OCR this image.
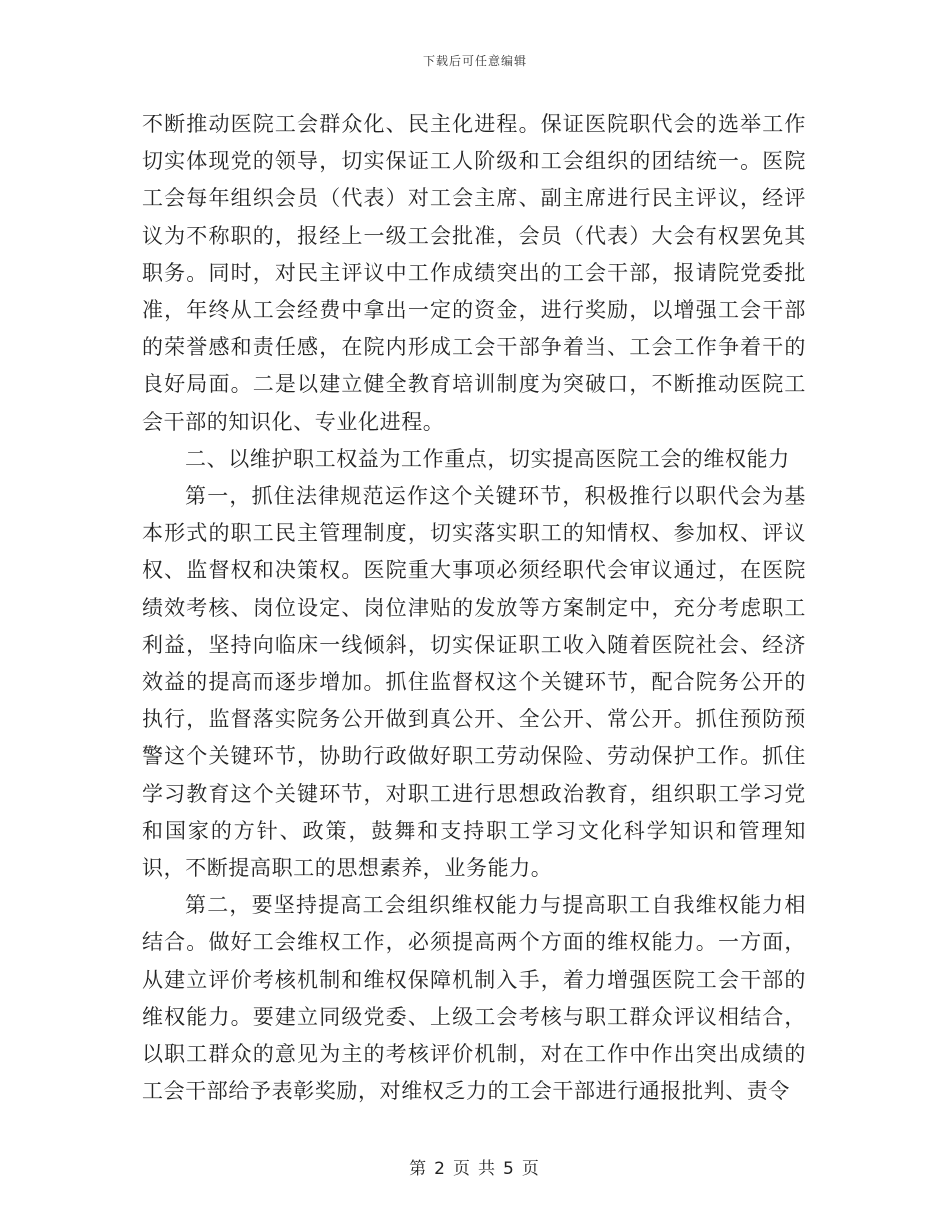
下载后可任意编辑

不断推动医院工会群众化、民主化进程。保证医院职代会的选举工作切实体现党的领导，切实保证工人阶级和工会组织的团结统一。医院工会每年组织会员（代表）对工会主席、副主席进行民主评议，经评议为不称职的，报经上一级工会批准，会员（代表）大会有权罢免其职务。同时，对民主评议中工作成绩突出的工会干部，报请院党委批准，年终从工会经费中拿出一定的资金，进行奖励，以增强工会干部的荣誉感和责任感，在院内形成工会干部争着当、工会工作争着干的良好局面。二是以建立健全教育培训制度为突破口，不断推动医院工会干部的知识化、专业化进程。

二、以维护职工权益为工作重点，切实提高医院工会的维权能力

第一，抓住法律规范运作这个关键环节，积极推行以职代会为基本形式的职工民主管理制度，切实落实职工的知情权、参加权、评议权、监督权和决策权。医院重大事项必须经职代会审议通过，在医院绩效考核、岗位设定、岗位津贴的发放等方案制定中，充分考虑职工利益，坚持向临床一线倾斜，切实保证职工收入随着医院社会、经济效益的提高而逐步增加。抓住监督权这个关键环节，配合院务公开的执行，监督落实院务公开做到真公开、全公开、常公开。抓住预防预警这个关键环节，协助行政做好职工劳动保险、劳动保护工作。抓住学习教育这个关键环节，对职工进行思想政治教育，组织职工学习党和国家的方针、政策，鼓舞和支持职工学习文化科学知识和管理知识，不断提高职工的思想素养，业务能力。

第二，要坚持提高工会组织维权能力与提高职工自我维权能力相结合。做好工会维权工作，必须提高两个方面的维权能力。一方面，从建立评价考核机制和维权保障机制入手，着力增强医院工会干部的维权能力。要建立同级党委、上级工会考核与职工群众评议相结合，以职工群众的意见为主的考核评价机制，对在工作中作出突出成绩的工会干部给予表彰奖励，对维权乏力的工会干部进行通报批判、责令

第 2 页 共 5 页
